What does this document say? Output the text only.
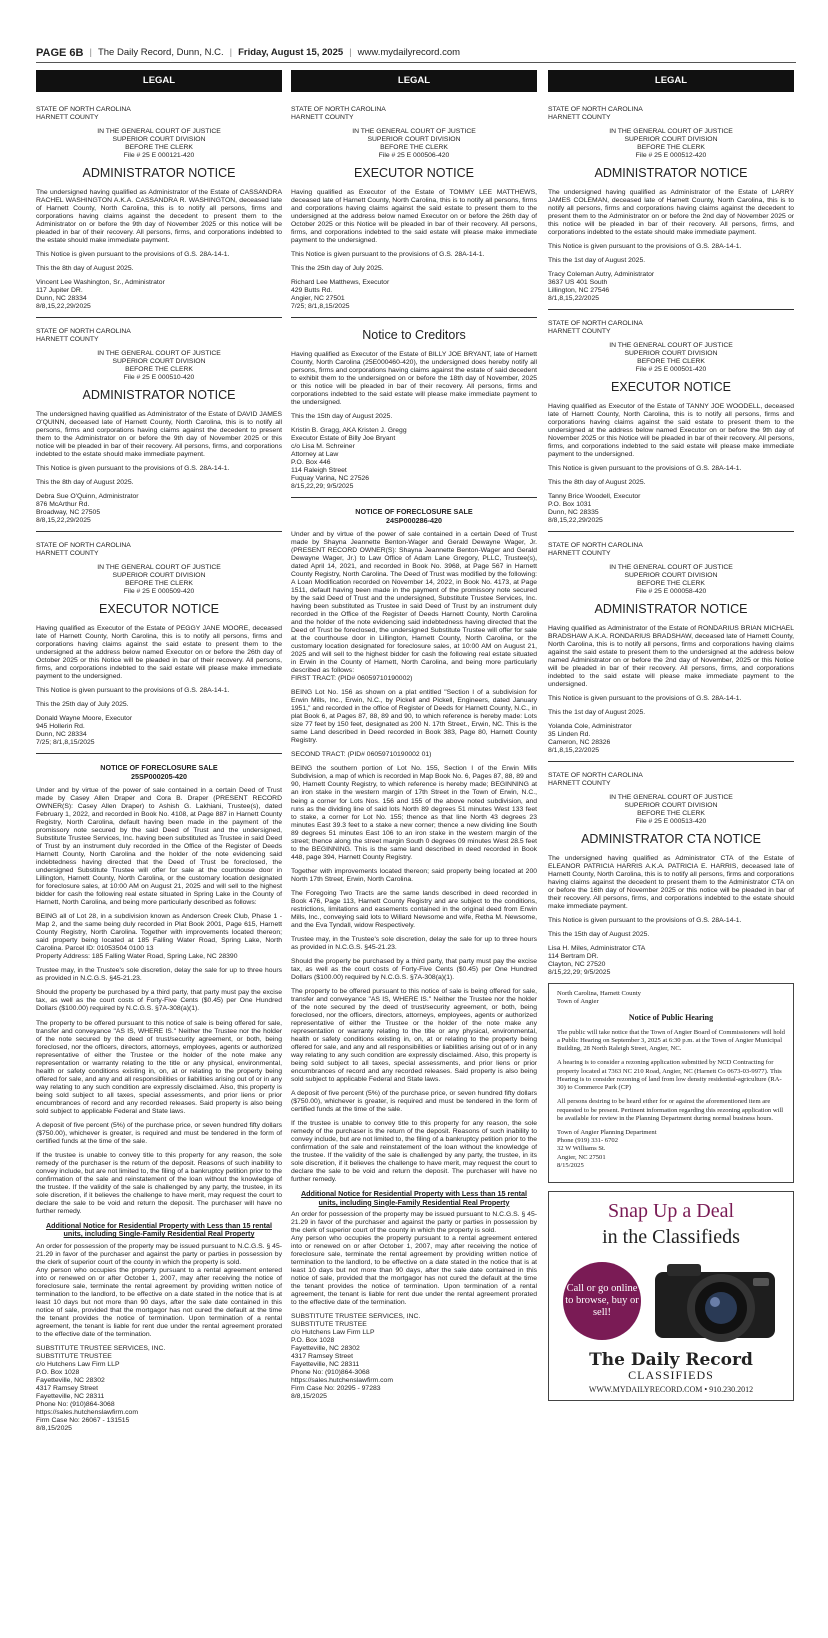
PAGE 6B | The Daily Record, Dunn, N.C. | Friday, August 15, 2025 | www.mydailyrecord.com
LEGAL
STATE OF NORTH CAROLINA
HARNETT COUNTY
IN THE GENERAL COURT OF JUSTICE
SUPERIOR COURT DIVISION
BEFORE THE CLERK
File # 25 E 000121-420
ADMINISTRATOR NOTICE

The undersigned having qualified as Administrator of the Estate of CASSANDRA RACHEL WASHINGTON A.K.A. CASSANDRA R. WASHINGTON, deceased late of Harnett County, North Carolina, this is to notify all persons, firms and corporations having claims against the decedent to present them to the Administrator on or before the 9th day of November 2025 or this notice will be pleaded in bar of their recovery. All persons, firms, and corporations indebted to the estate should make immediate payment.

This Notice is given pursuant to the provisions of G.S. 28A-14-1.

This the 8th day of August 2025.

Vincent Lee Washington, Sr., Administrator
117 Jupiter DR.
Dunn, NC 28334
8/8,15,22,29/2025
STATE OF NORTH CAROLINA
HARNETT COUNTY
IN THE GENERAL COURT OF JUSTICE
SUPERIOR COURT DIVISION
BEFORE THE CLERK
File # 25 E 000510-420
ADMINISTRATOR NOTICE

The undersigned having qualified as Administrator of the Estate of DAVID JAMES O'QUINN, deceased late of Harnett County, North Carolina, this is to notify all persons, firms and corporations having claims against the decedent to present them to the Administrator on or before the 9th day of November 2025 or this notice will be pleaded in bar of their recovery. All persons, firms, and corporations indebted to the estate should make immediate payment.

This Notice is given pursuant to the provisions of G.S. 28A-14-1.

This the 8th day of August 2025.

Debra Sue O'Quinn, Administrator
876 McArthur Rd.
Broadway, NC 27505
8/8,15,22,29/2025
STATE OF NORTH CAROLINA
HARNETT COUNTY
IN THE GENERAL COURT OF JUSTICE
SUPERIOR COURT DIVISION
BEFORE THE CLERK
File # 25 E 000509-420
EXECUTOR NOTICE

Having qualified as Executor of the Estate of PEGGY JANE MOORE, deceased late of Harnett County, North Carolina, this is to notify all persons, firms and corporations having claims against the said estate to present them to the undersigned at the address below named Executor on or before the 26th day of October 2025 or this Notice will be pleaded in bar of their recovery. All persons, firms, and corporations indebted to the said estate will please make immediate payment to the undersigned.

This Notice is given pursuant to the provisions of G.S. 28A-14-1.

This the 25th day of July 2025.

Donald Wayne Moore, Executor
945 Hollerin Rd.
Dunn, NC 28334
7/25; 8/1,8,15/2025
NOTICE OF FORECLOSURE SALE
25SP000205-420

Under and by virtue of the power of sale contained in a certain Deed of Trust made by Casey Allen Draper and Cora B. Draper (PRESENT RECORD OWNER(S): Casey Allen Draper) to Ashish G. Lakhiani, Trustee(s), dated February 1, 2022, and recorded in Book No. 4108, at Page 887 in Harnett County Registry, North Carolina, default having been made in the payment of the promissory note secured by the said Deed of Trust and the undersigned, Substitute Trustee Services, Inc. having been substituted as Trustee in said Deed of Trust by an instrument duly recorded in the Office of the Register of Deeds Harnett County, North Carolina and the holder of the note evidencing said indebtedness having directed that the Deed of Trust be foreclosed, the undersigned Substitute Trustee will offer for sale at the courthouse door in Lillington, Harnett County, North Carolina, or the customary location designated for foreclosure sales, at 10:00 AM on August 21, 2025 and will sell to the highest bidder for cash the following real estate situated in Spring Lake in the County of Harnett, North Carolina, and being more particularly described as follows:

BEING all of Lot 28, in a subdivision known as Anderson Creek Club, Phase 1 - Map 2, and the same being duly recorded in Plat Book 2001, Page 615, Harnett County Registry, North Carolina. Together with improvements located thereon; said property being located at 185 Falling Water Road, Spring Lake, North Carolina. Parcel ID: 01053504 0100 13
Property Address: 185 Falling Water Road, Spring Lake, NC 28390

Trustee may, in the Trustee's sole discretion, delay the sale for up to three hours as provided in N.C.G.S. §45-21.23.

Should the property be purchased by a third party, that party must pay the excise tax, as well as the court costs of Forty-Five Cents ($0.45) per One Hundred Dollars ($100.00) required by N.C.G.S. §7A-308(a)(1).

The property to be offered pursuant to this notice of sale is being offered for sale, transfer and conveyance "AS IS, WHERE IS." Neither the Trustee nor the holder of the note secured by the deed of trust/security agreement, or both, being foreclosed, nor the officers, directors, attorneys, employees, agents or authorized representative of either the Trustee or the holder of the note make any representation or warranty relating to the title or any physical, environmental, health or safety conditions existing in, on, at or relating to the property being offered for sale, and any and all responsibilities or liabilities arising out of or in any way relating to any such condition are expressly disclaimed. Also, this property is being sold subject to all taxes, special assessments, and prior liens or prior encumbrances of record and any recorded releases. Said property is also being sold subject to applicable Federal and State laws.

A deposit of five percent (5%) of the purchase price, or seven hundred fifty dollars ($750.00), whichever is greater, is required and must be tendered in the form of certified funds at the time of the sale.

If the trustee is unable to convey title to this property for any reason, the sole remedy of the purchaser is the return of the deposit. Reasons of such inability to convey include, but are not limited to, the filing of a bankruptcy petition prior to the confirmation of the sale and reinstatement of the loan without the knowledge of the trustee. If the validity of the sale is challenged by any party, the trustee, in its sole discretion, if it believes the challenge to have merit, may request the court to declare the sale to be void and return the deposit. The purchaser will have no further remedy.

Additional Notice for Residential Property with Less than 15 rental units, including Single-Family Residential Real Property

An order for possession of the property may be issued pursuant to N.C.G.S. § 45-21.29 in favor of the purchaser and against the party or parties in possession by the clerk of superior court of the county in which the property is sold.
Any person who occupies the property pursuant to a rental agreement entered into or renewed on or after October 1, 2007, may after receiving the notice of foreclosure sale, terminate the rental agreement by providing written notice of termination to the landlord, to be effective on a date stated in the notice that is at least 10 days but not more than 90 days, after the sale date contained in this notice of sale, provided that the mortgagor has not cured the default at the time the tenant provides the notice of termination. Upon termination of a rental agreement, the tenant is liable for rent due under the rental agreement prorated to the effective date of the termination.

SUBSTITUTE TRUSTEE SERVICES, INC.
SUBSTITUTE TRUSTEE
c/o Hutchens Law Firm LLP
P.O. Box 1028
Fayetteville, NC 28302
4317 Ramsey Street
Fayetteville, NC 28311
Phone No: (910)864-3068
https://sales.hutchenslawfirm.com
Firm Case No: 26067 - 131515
8/8,15/2025
LEGAL
STATE OF NORTH CAROLINA
HARNETT COUNTY
IN THE GENERAL COURT OF JUSTICE
SUPERIOR COURT DIVISION
BEFORE THE CLERK
File # 25 E 000506-420
EXECUTOR NOTICE

Having qualified as Executor of the Estate of TOMMY LEE MATTHEWS, deceased late of Harnett County, North Carolina, this is to notify all persons, firms and corporations having claims against the said estate to present them to the undersigned at the address below named Executor on or before the 26th day of October 2025 or this Notice will be pleaded in bar of their recovery. All persons, firms, and corporations indebted to the said estate will please make immediate payment to the undersigned.

This Notice is given pursuant to the provisions of G.S. 28A-14-1.

This the 25th day of July 2025.

Richard Lee Matthews, Executor
429 Butts Rd.
Angier, NC 27501
7/25; 8/1,8,15/2025
Notice to Creditors

Having qualified as Executor of the Estate of BILLY JOE BRYANT, late of Harnett County, North Carolina (25E000460-420), the undersigned does hereby notify all persons, firms and corporations having claims against the estate of said decedent to exhibit them to the undersigned on or before the 18th day of November, 2025 or this notice will be pleaded in bar of their recovery. All persons, firms and corporations indebted to the said estate will please make immediate payment to the undersigned.

This the 15th day of August 2025.

Kristin B. Gragg, AKA Kristen J. Gregg
Executor Estate of Billy Joe Bryant
c/o Lisa M. Schreiner
Attorney at Law
P.O. Box 446
114 Raleigh Street
Fuquay Varina, NC 27526
8/15,22,29; 9/5/2025
NOTICE OF FORECLOSURE SALE
24SP000286-420

Under and by virtue of the power of sale contained in a certain Deed of Trust made by Shayna Jeannette Benton-Wager and Gerald Dewayne Wager, Jr. (PRESENT RECORD OWNER(S): Shayna Jeannette Benton-Wager and Gerald Dewayne Wager, Jr.) to Law Office of Adam Lane Gregory, PLLC, Trustee(s), dated April 14, 2021, and recorded in Book No. 3968, at Page 567 in Harnett County Registry, North Carolina. The Deed of Trust was modified by the following: A Loan Modification recorded on November 14, 2022, in Book No. 4173, at Page 1511, default having been made in the payment of the promissory note secured by the said Deed of Trust and the undersigned, Substitute Trustee Services, Inc. having been substituted as Trustee in said Deed of Trust by an instrument duly recorded in the Office of the Register of Deeds Harnett County, North Carolina and the holder of the note evidencing said indebtedness having directed that the Deed of Trust be foreclosed, the undersigned Substitute Trustee will offer for sale at the courthouse door in Lillington, Harnett County, North Carolina, or the customary location designated for foreclosure sales, at 10:00 AM on August 21, 2025 and will sell to the highest bidder for cash the following real estate situated in Erwin in the County of Harnett, North Carolina, and being more particularly described as follows:
FIRST TRACT: (PID# 06059710190002)

BEING Lot No. 156 as shown on a plat entitled "Section I of a subdivision for Erwin Mills, Inc., Erwin, N.C., by Pickell and Pickell, Engineers, dated January 1951," and recorded in the office of Register of Deeds for Harnett County, N.C., in plat Book 6, at Pages 87, 88, 89 and 90, to which reference is hereby made: Lots size 77 feet by 150 feet, designated as 200 N. 17th Street., Erwin, NC. This is the same Land described in Deed recorded in Book 383, Page 80, Harnett County Registry.

SECOND TRACT: (PID# 06059710190002 01)

BEING the southern portion of Lot No. 155, Section I of the Erwin Mills Subdivision, a map of which is recorded in Map Book No. 6, Pages 87, 88, 89 and 90, Harnett County Registry, to which reference is hereby made; BEGINNING at an iron stake in the western margin of 17th Street in the Town of Erwin, N.C., being a corner for Lots Nos. 156 and 155 of the above noted subdivision, and runs as the dividing line of said lots North 89 degrees 51 minutes West 133 feet to stake, a corner for Lot No. 155; thence as that line North 43 degrees 23 minutes East 39.3 feet to a stake a new corner; thence a new dividing line South 89 degrees 51 minutes East 106 to an iron stake in the western margin of the street; thence along the street margin South 0 degrees 09 minutes West 28.5 feet to the BEGINNING. This is the same land described in deed recorded in Book 448, page 394, Harnett County Registry.

Together with improvements located thereon; said property being located at 200 North 17th Street, Erwin, North Carolina.

The Foregoing Two Tracts are the same lands described in deed recorded in Book 476, Page 113, Harnett County Registry and are subject to the conditions, restrictions, limitations and easements contained in the original deed from Erwin Mills, Inc., conveying said lots to Willard Newsome and wife, Retha M. Newsome, and the Eva Tyndall, widow Respectively.

Trustee may, in the Trustee's sole discretion, delay the sale for up to three hours as provided in N.C.G.S. §45-21.23.

Should the property be purchased by a third party, that party must pay the excise tax, as well as the court costs of Forty-Five Cents ($0.45) per One Hundred Dollars ($100.00) required by N.C.G.S. §7A-308(a)(1).

The property to be offered pursuant to this notice of sale is being offered for sale, transfer and conveyance "AS IS, WHERE IS." Neither the Trustee nor the holder of the note secured by the deed of trust/security agreement, or both, being foreclosed, nor the officers, directors, attorneys, employees, agents or authorized representative of either the Trustee or the holder of the note make any representation or warranty relating to the title or any physical, environmental, health or safety conditions existing in, on, at or relating to the property being offered for sale, and any and all responsibilities or liabilities arising out of or in any way relating to any such condition are expressly disclaimed. Also, this property is being sold subject to all taxes, special assessments, and prior liens or prior encumbrances of record and any recorded releases. Said property is also being sold subject to applicable Federal and State laws.

A deposit of five percent (5%) of the purchase price, or seven hundred fifty dollars ($750.00), whichever is greater, is required and must be tendered in the form of certified funds at the time of the sale.

If the trustee is unable to convey title to this property for any reason, the sole remedy of the purchaser is the return of the deposit. Reasons of such inability to convey include, but are not limited to, the filing of a bankruptcy petition prior to the confirmation of the sale and reinstatement of the loan without the knowledge of the trustee. If the validity of the sale is challenged by any party, the trustee, in its sole discretion, if it believes the challenge to have merit, may request the court to declare the sale to be void and return the deposit. The purchaser will have no further remedy.

Additional Notice for Residential Property with Less than 15 rental units, including Single-Family Residential Real Property

An order for possession of the property may be issued pursuant to N.C.G.S. § 45-21.29 in favor of the purchaser and against the party or parties in possession by the clerk of superior court of the county in which the property is sold.
Any person who occupies the property pursuant to a rental agreement entered into or renewed on or after October 1, 2007, may after receiving the notice of foreclosure sale, terminate the rental agreement by providing written notice of termination to the landlord, to be effective on a date stated in the notice that is at least 10 days but not more than 90 days, after the sale date contained in this notice of sale, provided that the mortgagor has not cured the default at the time the tenant provides the notice of termination. Upon termination of a rental agreement, the tenant is liable for rent due under the rental agreement prorated to the effective date of the termination.

SUBSTITUTE TRUSTEE SERVICES, INC.
SUBSTITUTE TRUSTEE
c/o Hutchens Law Firm LLP
P.O. Box 1028
Fayetteville, NC 28302
4317 Ramsey Street
Fayetteville, NC 28311
Phone No: (910)864-3068
https://sales.hutchenslawfirm.com
Firm Case No: 20295 - 97283
8/8,15/2025
LEGAL
STATE OF NORTH CAROLINA
HARNETT COUNTY
IN THE GENERAL COURT OF JUSTICE
SUPERIOR COURT DIVISION
BEFORE THE CLERK
File # 25 E 000512-420
ADMINISTRATOR NOTICE

The undersigned having qualified as Administrator of the Estate of LARRY JAMES COLEMAN, deceased late of Harnett County, North Carolina, this is to notify all persons, firms and corporations having claims against the decedent to present them to the Administrator on or before the 2nd day of November 2025 or this notice will be pleaded in bar of their recovery. All persons, firms, and corporations indebted to the estate should make immediate payment.

This Notice is given pursuant to the provisions of G.S. 28A-14-1.

This the 1st day of August 2025.

Tracy Coleman Autry, Administrator
3637 US 401 South
Lillington, NC 27546
8/1,8,15,22/2025
STATE OF NORTH CAROLINA
HARNETT COUNTY
IN THE GENERAL COURT OF JUSTICE
SUPERIOR COURT DIVISION
BEFORE THE CLERK
File # 25 E 000501-420
EXECUTOR NOTICE

Having qualified as Executor of the Estate of TANNY JOE WOODELL, deceased late of Harnett County, North Carolina, this is to notify all persons, firms and corporations having claims against the said estate to present them to the undersigned at the address below named Executor on or before the 9th day of November 2025 or this Notice will be pleaded in bar of their recovery. All persons, firms, and corporations indebted to the said estate will please make immediate payment to the undersigned.

This Notice is given pursuant to the provisions of G.S. 28A-14-1.

This the 8th day of August 2025.

Tanny Brice Woodell, Executor
P.O. Box 1031
Dunn, NC 28335
8/8,15,22,29/2025
STATE OF NORTH CAROLINA
HARNETT COUNTY
IN THE GENERAL COURT OF JUSTICE
SUPERIOR COURT DIVISION
BEFORE THE CLERK
File # 25 E 000058-420
ADMINISTRATOR NOTICE

Having qualified as Administrator of the Estate of RONDARIUS BRIAN MICHAEL BRADSHAW A.K.A. RONDARIUS BRADSHAW, deceased late of Harnett County, North Carolina, this is to notify all persons, firms and corporations having claims against the said estate to present them to the undersigned at the address below named Administrator on or before the 2nd day of November, 2025 or this Notice will be pleaded in bar of their recovery. All persons, firms, and corporations indebted to the said estate will please make immediate payment to the undersigned.

This Notice is given pursuant to the provisions of G.S. 28A-14-1.

This the 1st day of August 2025.

Yolanda Cole, Administrator
35 Linden Rd.
Cameron, NC 28326
8/1,8,15,22/2025
STATE OF NORTH CAROLINA
HARNETT COUNTY
IN THE GENERAL COURT OF JUSTICE
SUPERIOR COURT DIVISION
BEFORE THE CLERK
File # 25 E 000513-420
ADMINISTRATOR CTA NOTICE

The undersigned having qualified as Administrator CTA of the Estate of ELEANOR PATRICIA HARRIS A.K.A. PATRICIA E. HARRIS, deceased late of Harnett County, North Carolina, this is to notify all persons, firms and corporations having claims against the decedent to present them to the Administrator CTA on or before the 16th day of November 2025 or this notice will be pleaded in bar of their recovery. All persons, firms, and corporations indebted to the estate should make immediate payment.

This Notice is given pursuant to the provisions of G.S. 28A-14-1.

This the 15th day of August 2025.

Lisa H. Miles, Administrator CTA
114 Bertram DR.
Clayton, NC 27520
8/15,22,29; 9/5/2025
North Carolina, Harnett County
Town of Angier
Notice of Public Hearing

The public will take notice that the Town of Angier Board of Commissioners will hold a Public Hearing on September 3, 2025 at 6:30 p.m. at the Town of Angier Municipal Building, 28 North Raleigh Street, Angier, NC.

A hearing is to consider a rezoning application submitted by NCD Contracting for property located at 7363 NC 210 Road, Angier, NC (Harnett Co 0673-03-9977). This Hearing is to consider rezoning of land from low density residential-agriculture (RA-30) to Commerce Park (CP)

All persons desiring to be heard either for or against the aforementioned item are requested to be present. Pertinent information regarding this rezoning application will be available for review in the Planning Department during normal business hours.

Town of Angier Planning Department
Phone (919) 331- 6702
32 W Williams St.
Angier, NC 27501
8/15/2025
Snap Up a Deal
in the Classifieds
Call or go online to browse, buy or sell!
The Daily Record
CLASSIFIEDS
WWW.MYDAILYRECORD.COM • 910.230.2012
